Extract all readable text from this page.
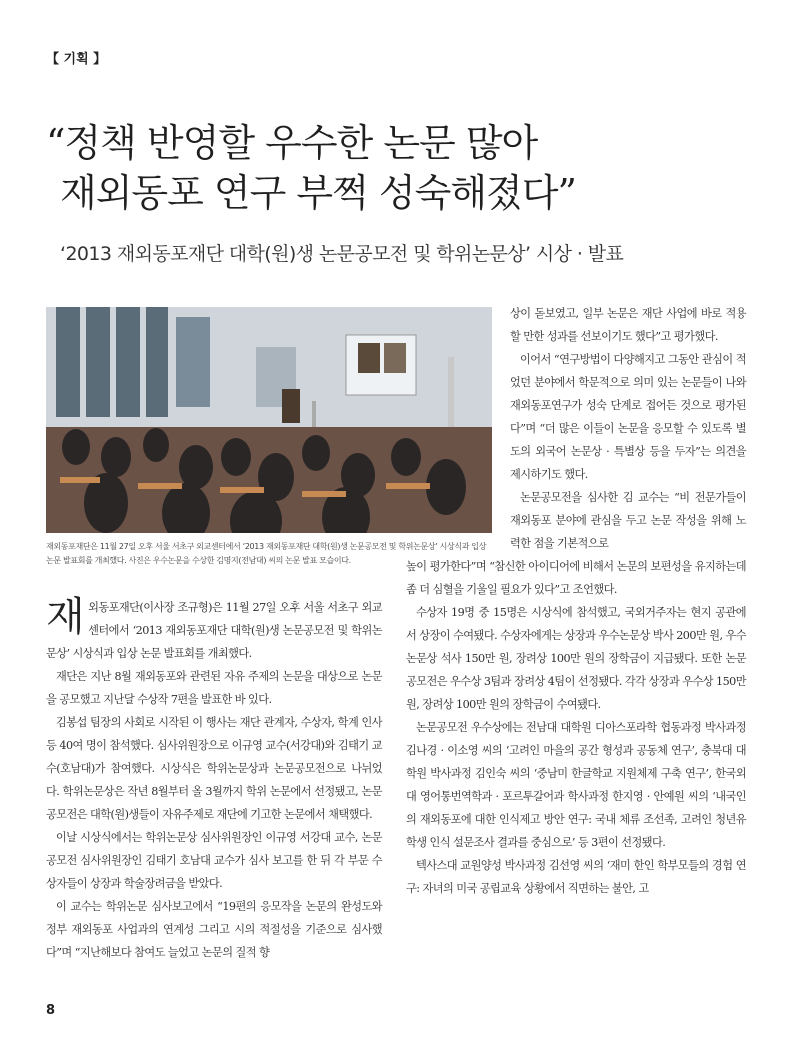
【 기획 】
“정책 반영할 우수한 논문 많아
재외동포 연구 부쩍 성숙해졌다”
‘2013 재외동포재단 대학(원)생 논문공모전 및 학위논문상’ 시상 · 발표
재외동포재단은 11월 27일 오후 서울 서초구 외교센터에서 ‘2013 재외동포재단 대학(원)생 논문공모전 및 학위논문상’ 시상식과 입상 논문 발표회를 개최했다. 사진은 우수논문을 수상한 김명지(전남대) 씨의 논문 발표 모습이다.

재외동포재단(이사장 조규형)은 11월 27일 오후 서울 서초구 외교센터에서 ‘2013 재외동포재단 대학(원)생 논문공모전 및 학위논문상’ 시상식과 입상 논문 발표회를 개최했다.

재단은 지난 8월 재외동포와 관련된 자유 주제의 논문을 대상으로 논문을 공모했고 지난달 수상작 7편을 발표한 바 있다.

김봉섭 팀장의 사회로 시작된 이 행사는 재단 관계자, 수상자, 학계 인사 등 40여 명이 참석했다. 심사위원장으로 이규영 교수(서강대)와 김태기 교수(호남대)가 참여했다. 시상식은 학위논문상과 논문공모전으로 나뉘었다. 학위논문상은 작년 8월부터 올 3월까지 학위 논문에서 선정됐고, 논문공모전은 대학(원)생들이 자유주제로 재단에 기고한 논문에서 채택했다.

이날 시상식에서는 학위논문상 심사위원장인 이규영 서강대 교수, 논문공모전 심사위원장인 김태기 호남대 교수가 심사 보고를 한 뒤 각 부문 수상자들이 상장과 학술장려금을 받았다.

이 교수는 학위논문 심사보고에서 “19편의 응모작을 논문의 완성도와 정부 재외동포 사업과의 연계성 그리고 시의 적절성을 기준으로 심사했다”며 “지난해보다 참여도 늘었고 논문의 질적 향

상이 돋보였고, 일부 논문은 재단 사업에 바로 적용할 만한 성과를 선보이기도 했다”고 평가했다.

이어서 “연구방법이 다양해지고 그동안 관심이 적었던 분야에서 학문적으로 의미 있는 논문들이 나와 재외동포연구가 성숙 단계로 접어든 것으로 평가된다”며 “더 많은 이들이 논문을 응모할 수 있도록 별도의 외국어 논문상 · 특별상 등을 두자”는 의견을 제시하기도 했다.

논문공모전을 심사한 김 교수는 “비 전문가들이 재외동포 분야에 관심을 두고 논문 작성을 위해 노력한 점을 기본적으로

높이 평가한다”며 “참신한 아이디어에 비해서 논문의 보편성을 유지하는데 좀 더 심혈을 기울일 필요가 있다”고 조언했다.

수상자 19명 중 15명은 시상식에 참석했고, 국외거주자는 현지 공관에서 상장이 수여됐다. 수상자에게는 상장과 우수논문상 박사 200만 원, 우수논문상 석사 150만 원, 장려상 100만 원의 장학금이 지급됐다. 또한 논문공모전은 우수상 3팀과 장려상 4팀이 선정됐다. 각각 상장과 우수상 150만 원, 장려상 100만 원의 장학금이 수여됐다.

논문공모전 우수상에는 전남대 대학원 디아스포라학 협동과정 박사과정 김나경 · 이소영 씨의 ‘고려인 마을의 공간 형성과 공동체 연구’, 충북대 대학원 박사과정 김인숙 씨의 ‘중남미 한글학교 지원체제 구축 연구’, 한국외대 영어통번역학과 · 포르투갈어과 학사과정 한지영 · 안예원 씨의 ‘내국인의 재외동포에 대한 인식제고 방안 연구: 국내 체류 조선족, 고려인 청년유학생 인식 설문조사 결과를 중심으로’ 등 3편이 선정됐다.

텍사스대 교원양성 박사과정 김선영 씨의 ‘재미 한인 학부모들의 경험 연구: 자녀의 미국 공립교육 상황에서 직면하는 불안, 고

8
